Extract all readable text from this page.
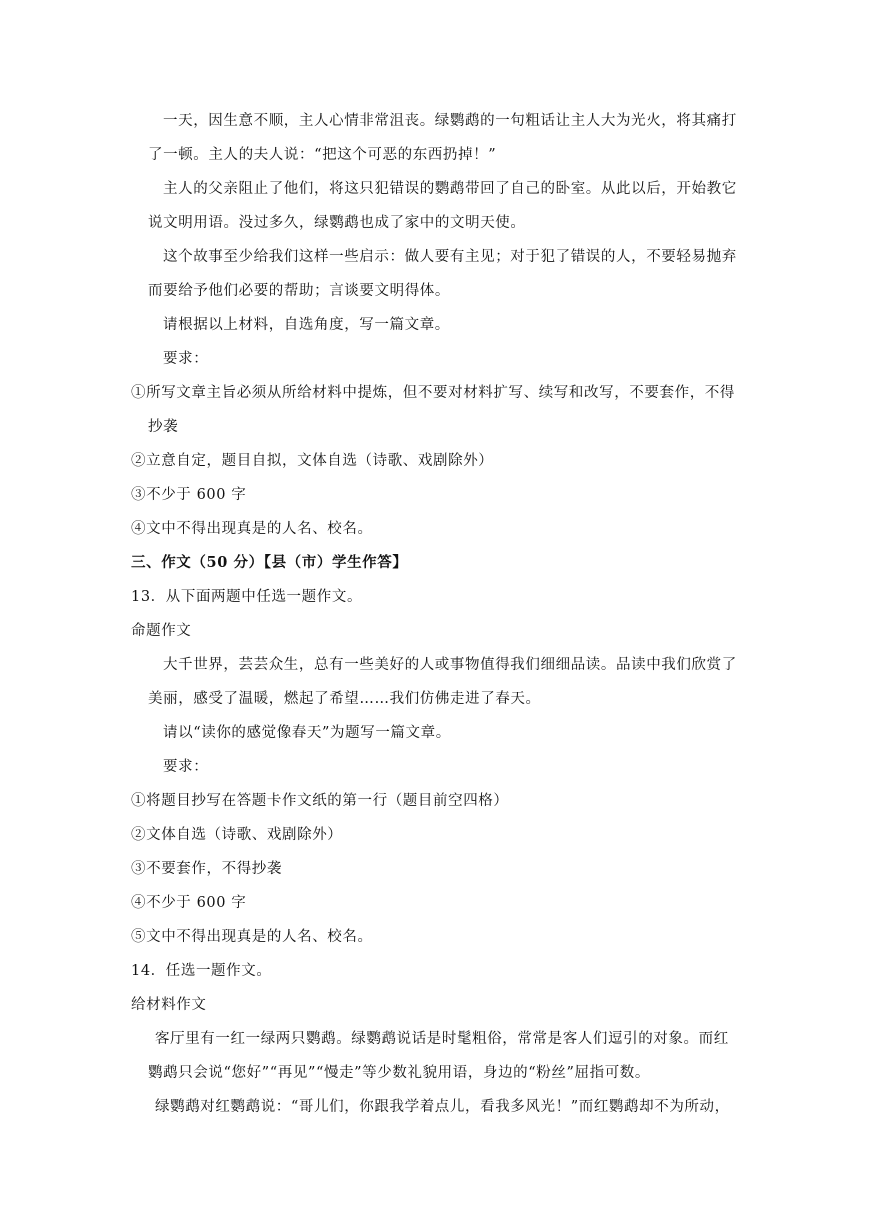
一天，因生意不顺，主人心情非常沮丧。绿鹦鹉的一句粗话让主人大为光火，将其痛打
了一顿。主人的夫人说：“把这个可恶的东西扔掉！”
主人的父亲阻止了他们，将这只犯错误的鹦鹉带回了自己的卧室。从此以后，开始教它
说文明用语。没过多久，绿鹦鹉也成了家中的文明天使。
这个故事至少给我们这样一些启示：做人要有主见；对于犯了错误的人，不要轻易抛弃
而要给予他们必要的帮助；言谈要文明得体。
请根据以上材料，自选角度，写一篇文章。
要求：
①所写文章主旨必须从所给材料中提炼，但不要对材料扩写、续写和改写，不要套作，不得
抄袭
②立意自定，题目自拟，文体自选（诗歌、戏剧除外）
③不少于 600 字
④文中不得出现真是的人名、校名。
三、作文（50 分）【县（市）学生作答】
13．从下面两题中任选一题作文。
命题作文
大千世界，芸芸众生，总有一些美好的人或事物值得我们细细品读。品读中我们欣赏了
美丽，感受了温暖，燃起了希望……我们仿佛走进了春天。
请以“读你的感觉像春天”为题写一篇文章。
要求：
①将题目抄写在答题卡作文纸的第一行（题目前空四格）
②文体自选（诗歌、戏剧除外）
③不要套作，不得抄袭
④不少于 600 字
⑤文中不得出现真是的人名、校名。
14．任选一题作文。
给材料作文
客厅里有一红一绿两只鹦鹉。绿鹦鹉说话是时髦粗俗，常常是客人们逗引的对象。而红
鹦鹉只会说“您好”“再见”“慢走”等少数礼貌用语，身边的“粉丝”屈指可数。
绿鹦鹉对红鹦鹉说：“哥儿们，你跟我学着点儿，看我多风光！”而红鹦鹉却不为所动，
